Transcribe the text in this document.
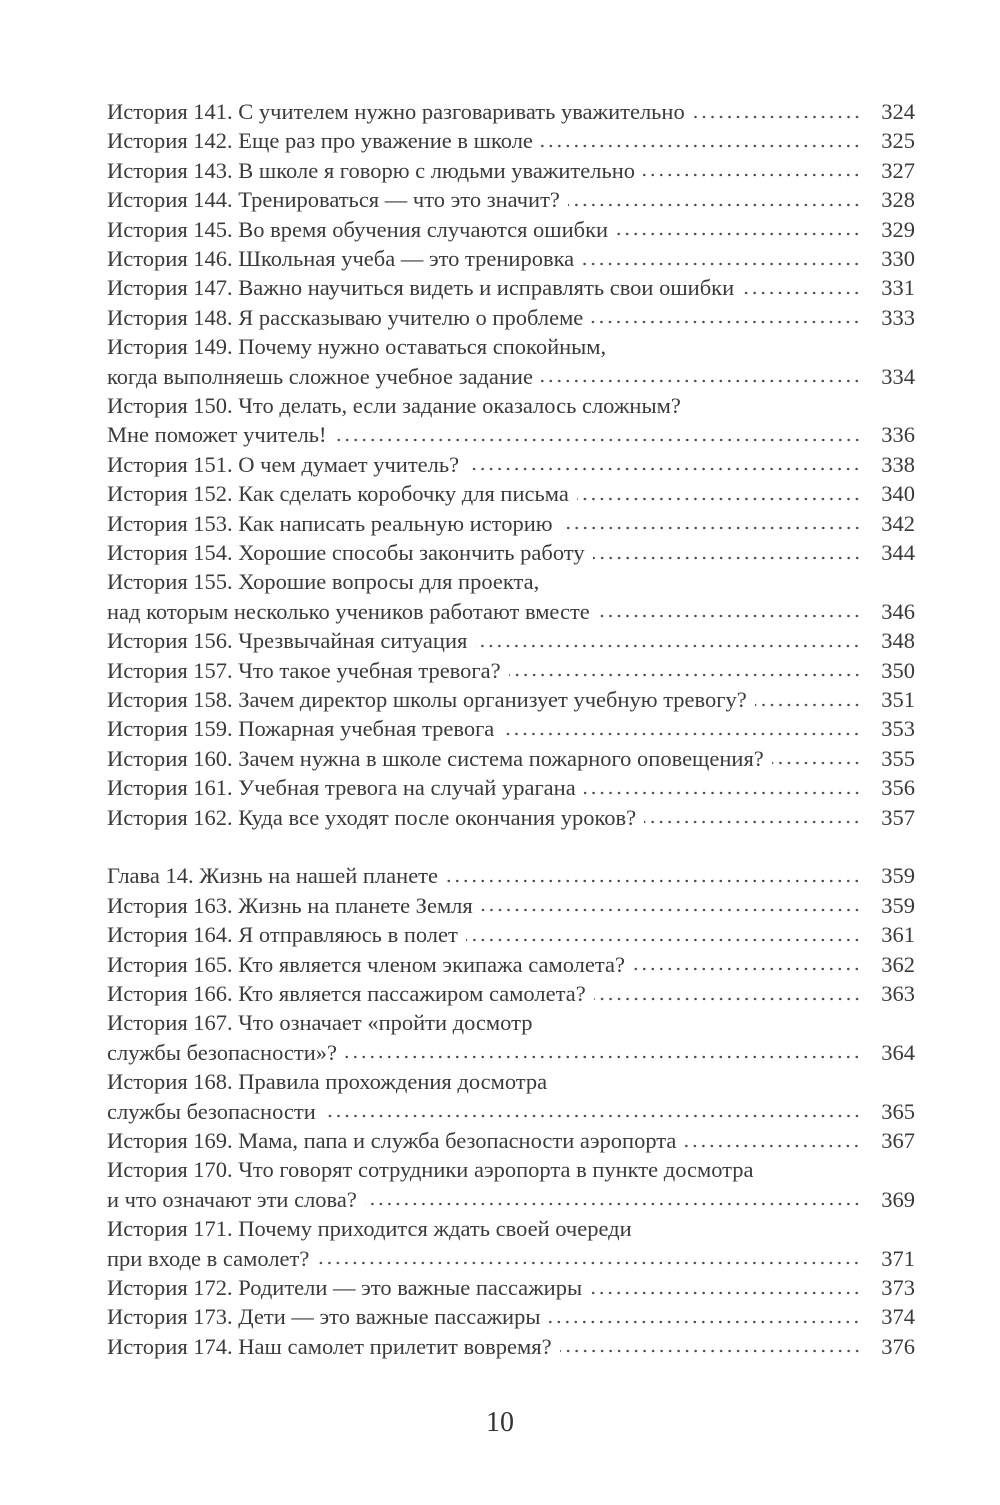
История 141. С учителем нужно разговаривать уважительно	324
История 142. Еще раз про уважение в школе	325
История 143. В школе я говорю с людьми уважительно	327
История 144. Тренироваться — что это значит?	328
История 145. Во время обучения случаются ошибки	329
История 146. Школьная учеба — это тренировка	330
История 147. Важно научиться видеть и исправлять свои ошибки	331
История 148. Я рассказываю учителю о проблеме	333
История 149. Почему нужно оставаться спокойным,
когда выполняешь сложное учебное задание	334
История 150. Что делать, если задание оказалось сложным?
Мне поможет учитель!	336
История 151. О чем думает учитель?	338
История 152. Как сделать коробочку для письма	340
История 153. Как написать реальную историю	342
История 154. Хорошие способы закончить работу	344
История 155. Хорошие вопросы для проекта,
над которым несколько учеников работают вместе	346
История 156. Чрезвычайная ситуация	348
История 157. Что такое учебная тревога?	350
История 158. Зачем директор школы организует учебную тревогу?	351
История 159. Пожарная учебная тревога	353
История 160. Зачем нужна в школе система пожарного оповещения?	355
История 161. Учебная тревога на случай урагана	356
История 162. Куда все уходят после окончания уроков?	357
Глава 14. Жизнь на нашей планете	359
История 163. Жизнь на планете Земля	359
История 164. Я отправляюсь в полет	361
История 165. Кто является членом экипажа самолета?	362
История 166. Кто является пассажиром самолета?	363
История 167. Что означает «пройти досмотр
службы безопасности»?	364
История 168. Правила прохождения досмотра
службы безопасности	365
История 169. Мама, папа и служба безопасности аэропорта	367
История 170. Что говорят сотрудники аэропорта в пункте досмотра
и что означают эти слова?	369
История 171. Почему приходится ждать своей очереди
при входе в самолет?	371
История 172. Родители — это важные пассажиры	373
История 173. Дети — это важные пассажиры	374
История 174. Наш самолет прилетит вовремя?	376
10
